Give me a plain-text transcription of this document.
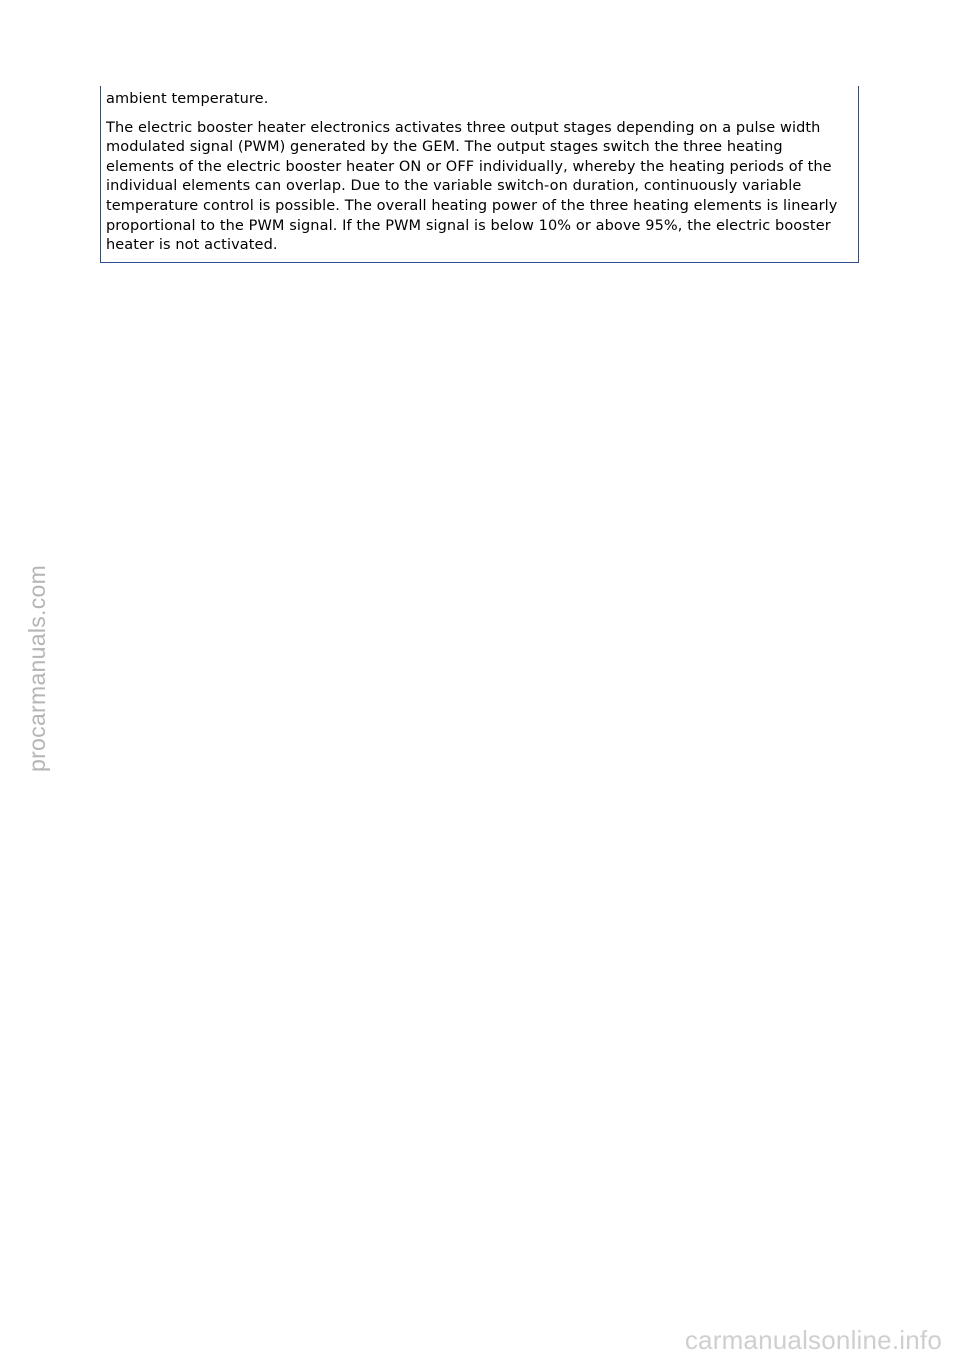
ambient temperature.

The electric booster heater electronics activates three output stages depending on a pulse width modulated signal (PWM) generated by the GEM. The output stages switch the three heating elements of the electric booster heater ON or OFF individually, whereby the heating periods of the individual elements can overlap. Due to the variable switch-on duration, continuously variable temperature control is possible. The overall heating power of the three heating elements is linearly proportional to the PWM signal. If the PWM signal is below 10% or above 95%, the electric booster heater is not activated.

procarmanuals.com
carmanualsonline.info
